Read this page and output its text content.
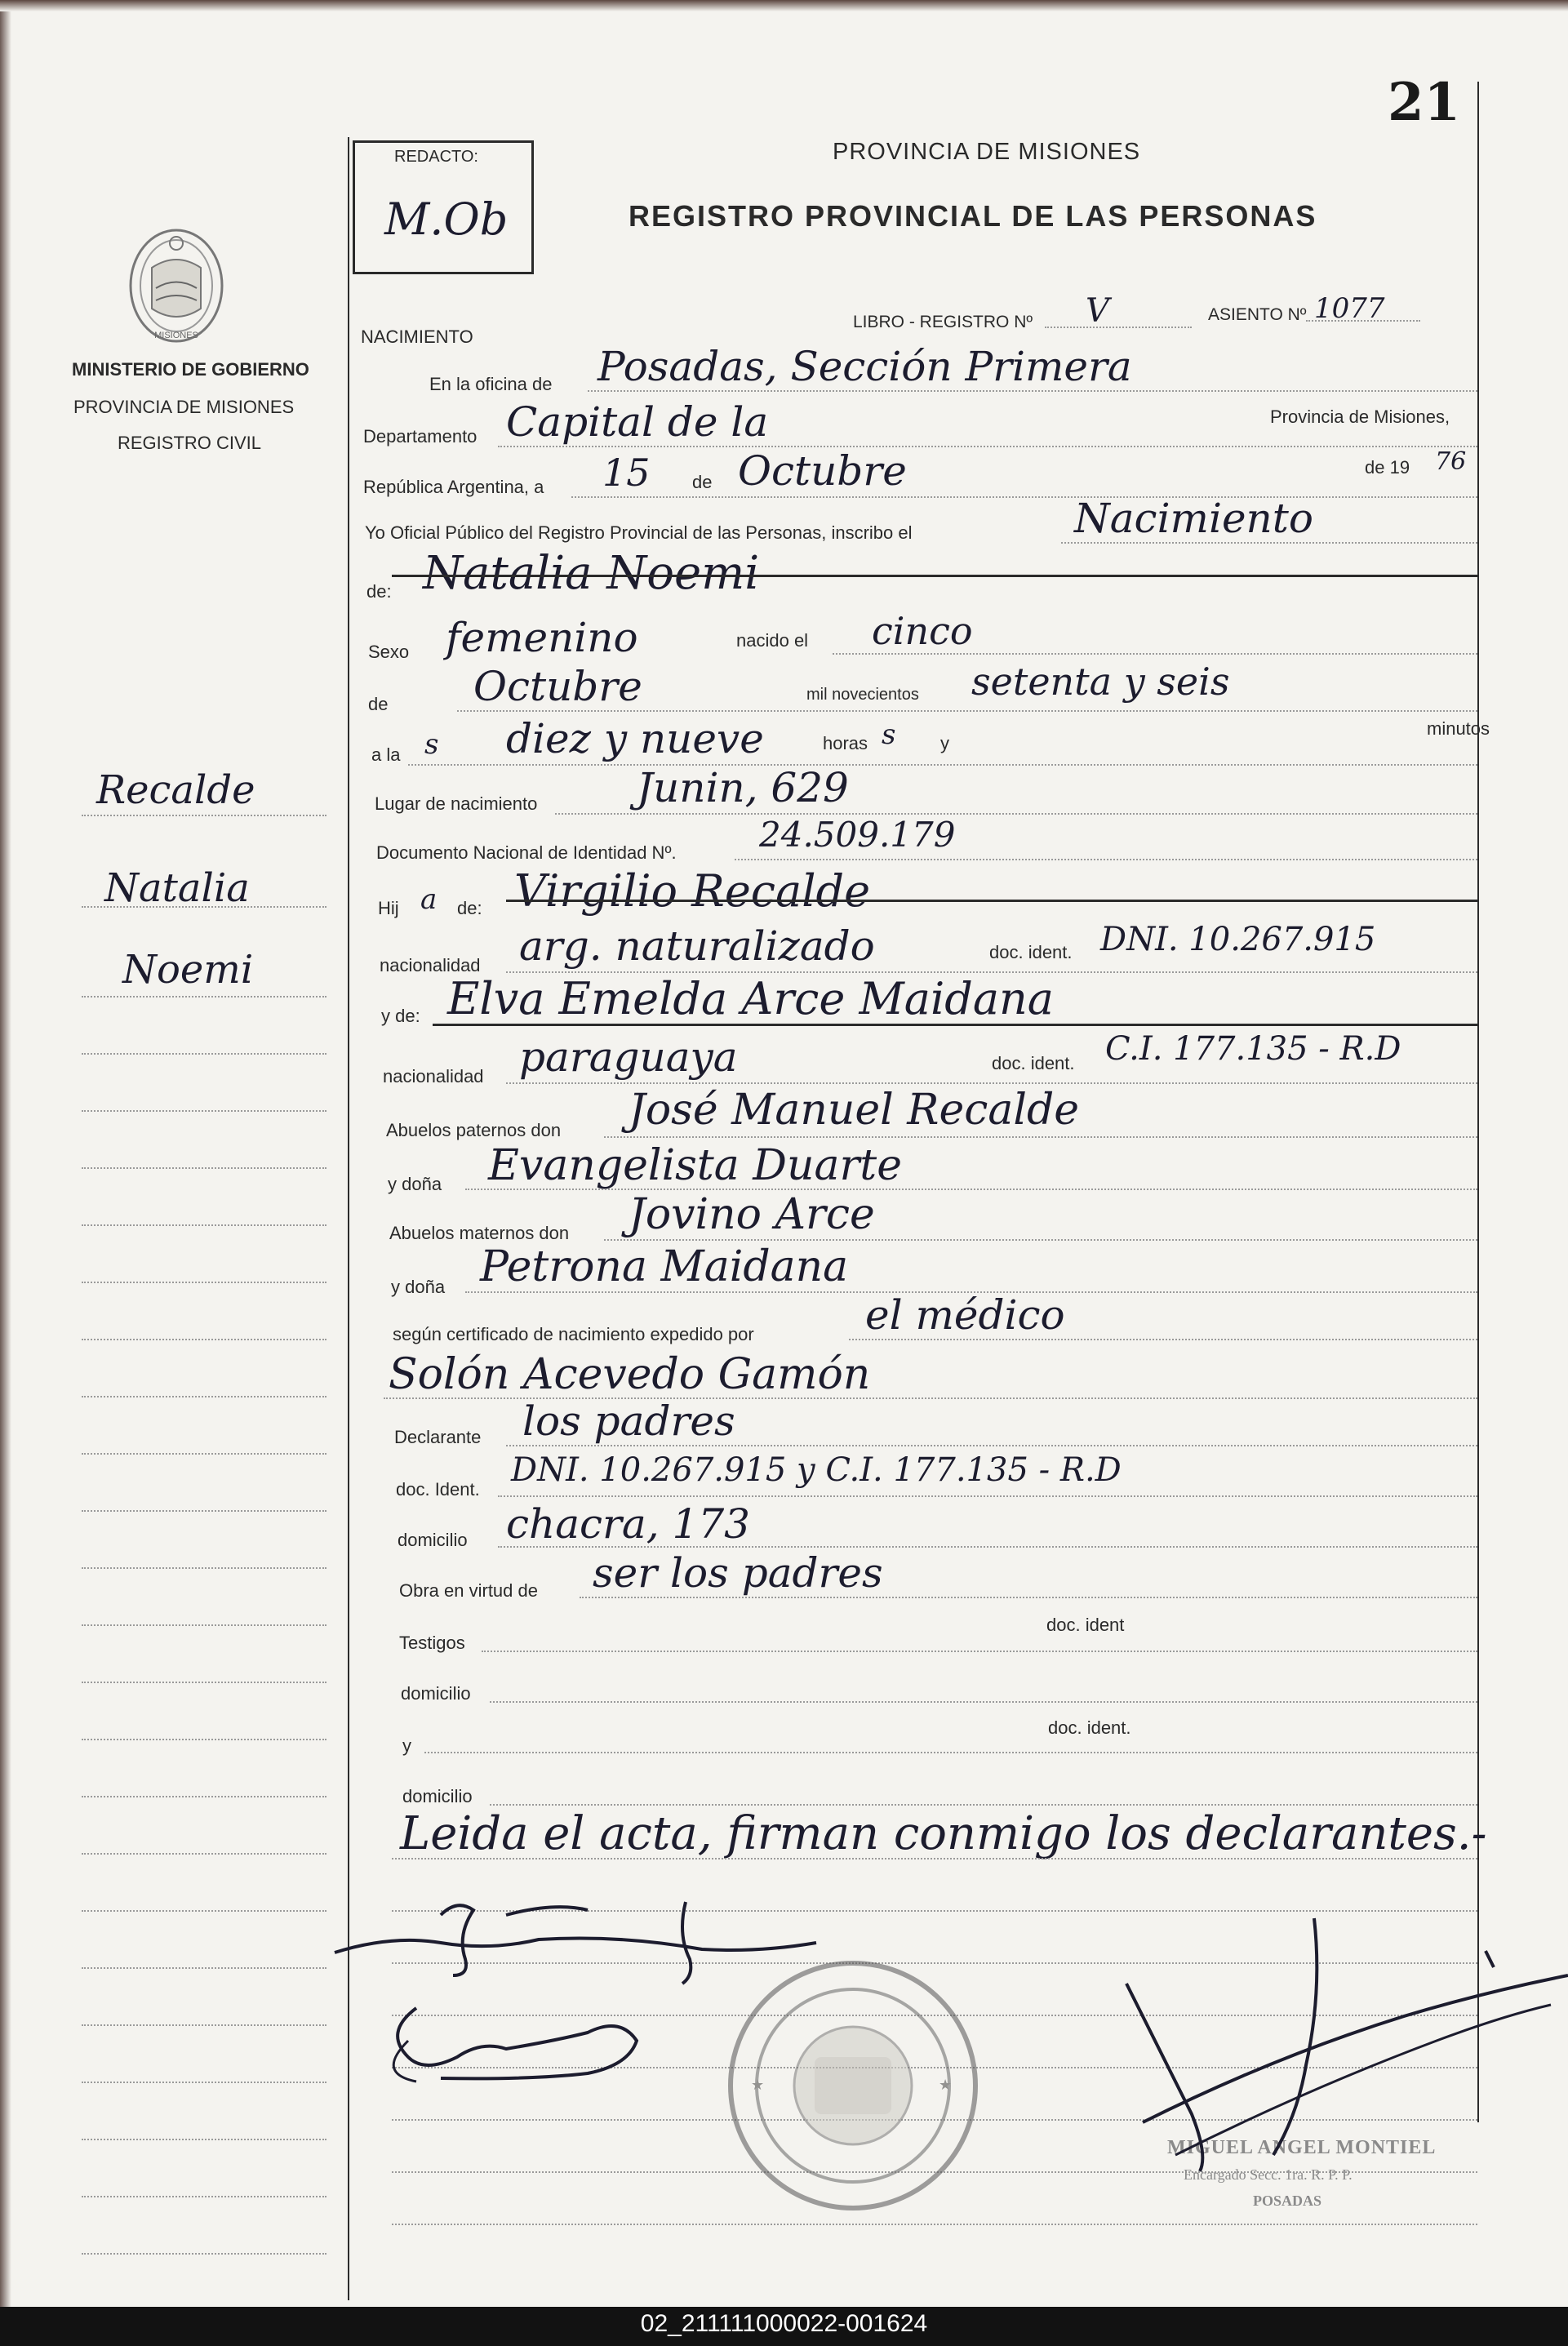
21
REDACTO:
M.Ob
PROVINCIA DE MISIONES
REGISTRO PROVINCIAL DE LAS PERSONAS
MISIONES
MINISTERIO DE GOBIERNO
PROVINCIA DE MISIONES
REGISTRO CIVIL
Recalde
Natalia
Noemi
NACIMIENTO
LIBRO - REGISTRO Nº V	ASIENTO Nº 1077
En la oficina de Posadas, Sección Primera
Departamento Capital de la	Provincia de Misiones,
República Argentina, a 15 de Octubre	de 19 76
Yo Oficial Público del Registro Provincial de las Personas, inscribo el	Nacimiento
de: Natalia Noemi
Sexo femenino	nacido el cinco
de Octubre	mil novecientos setenta y seis
a la s diez y nueve	horas s y
minutos
Lugar de nacimiento Junin, 629
Documento Nacional de Identidad Nº. 24.509.179
Hij a de: Virgilio Recalde
nacionalidad arg. naturalizado	doc. ident. DNI. 10.267.915
y de: Elva Emelda Arce Maidana
nacionalidad paraguaya	doc. ident. C.I. 177.135 - R.D
Abuelos paternos don José Manuel Recalde
y doña Evangelista Duarte
Abuelos maternos don Jovino Arce
y doña Petrona Maidana
según certificado de nacimiento expedido por	el médico
Solón Acevedo Gamón
Declarante los padres
doc. Ident.
DNI. 10.267.915 y C.I. 177.135 - R.D
domicilio chacra, 173
Obra en virtud de ser los padres
Testigos
doc. ident
domicilio
y
doc. ident.
domicilio
Leida el acta, firman conmigo los declarantes.-
★	★
MIGUEL ANGEL MONTIEL
Encargado Secc. 1ra. R. P. P.
POSADAS
02_211111000022-001624
